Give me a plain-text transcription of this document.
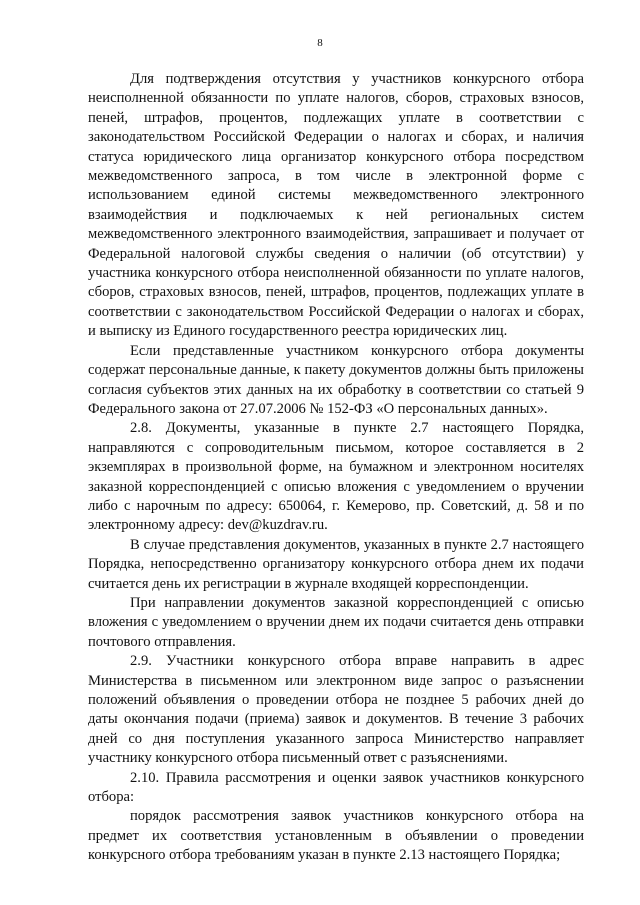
8

Для подтверждения отсутствия у участников конкурсного отбора неисполненной обязанности по уплате налогов, сборов, страховых взносов, пеней, штрафов, процентов, подлежащих уплате в соответствии с законодательством Российской Федерации о налогах и сборах, и наличия статуса юридического лица организатор конкурсного отбора посредством межведомственного запроса, в том числе в электронной форме с использованием единой системы межведомственного электронного взаимодействия и подключаемых к ней региональных систем межведомственного электронного взаимодействия, запрашивает и получает от Федеральной налоговой службы сведения о наличии (об отсутствии) у участника конкурсного отбора неисполненной обязанности по уплате налогов, сборов, страховых взносов, пеней, штрафов, процентов, подлежащих уплате в соответствии с законодательством Российской Федерации о налогах и сборах, и выписку из Единого государственного реестра юридических лиц.

Если представленные участником конкурсного отбора документы содержат персональные данные, к пакету документов должны быть приложены согласия субъектов этих данных на их обработку в соответствии со статьей 9 Федерального закона от 27.07.2006 № 152-ФЗ «О персональных данных».

2.8. Документы, указанные в пункте 2.7 настоящего Порядка, направляются с сопроводительным письмом, которое составляется в 2 экземплярах в произвольной форме, на бумажном и электронном носителях заказной корреспонденцией с описью вложения с уведомлением о вручении либо с нарочным по адресу: 650064, г. Кемерово, пр. Советский, д. 58 и по электронному адресу: dev@kuzdrav.ru.

В случае представления документов, указанных в пункте 2.7 настоящего Порядка, непосредственно организатору конкурсного отбора днем их подачи считается день их регистрации в журнале входящей корреспонденции.

При направлении документов заказной корреспонденцией с описью вложения с уведомлением о вручении днем их подачи считается день отправки почтового отправления.

2.9. Участники конкурсного отбора вправе направить в адрес Министерства в письменном или электронном виде запрос о разъяснении положений объявления о проведении отбора не позднее 5 рабочих дней до даты окончания подачи (приема) заявок и документов. В течение 3 рабочих дней со дня поступления указанного запроса Министерство направляет участнику конкурсного отбора письменный ответ с разъяснениями.

2.10. Правила рассмотрения и оценки заявок участников конкурсного отбора:

порядок рассмотрения заявок участников конкурсного отбора на предмет их соответствия установленным в объявлении о проведении конкурсного отбора требованиям указан в пункте 2.13 настоящего Порядка;
